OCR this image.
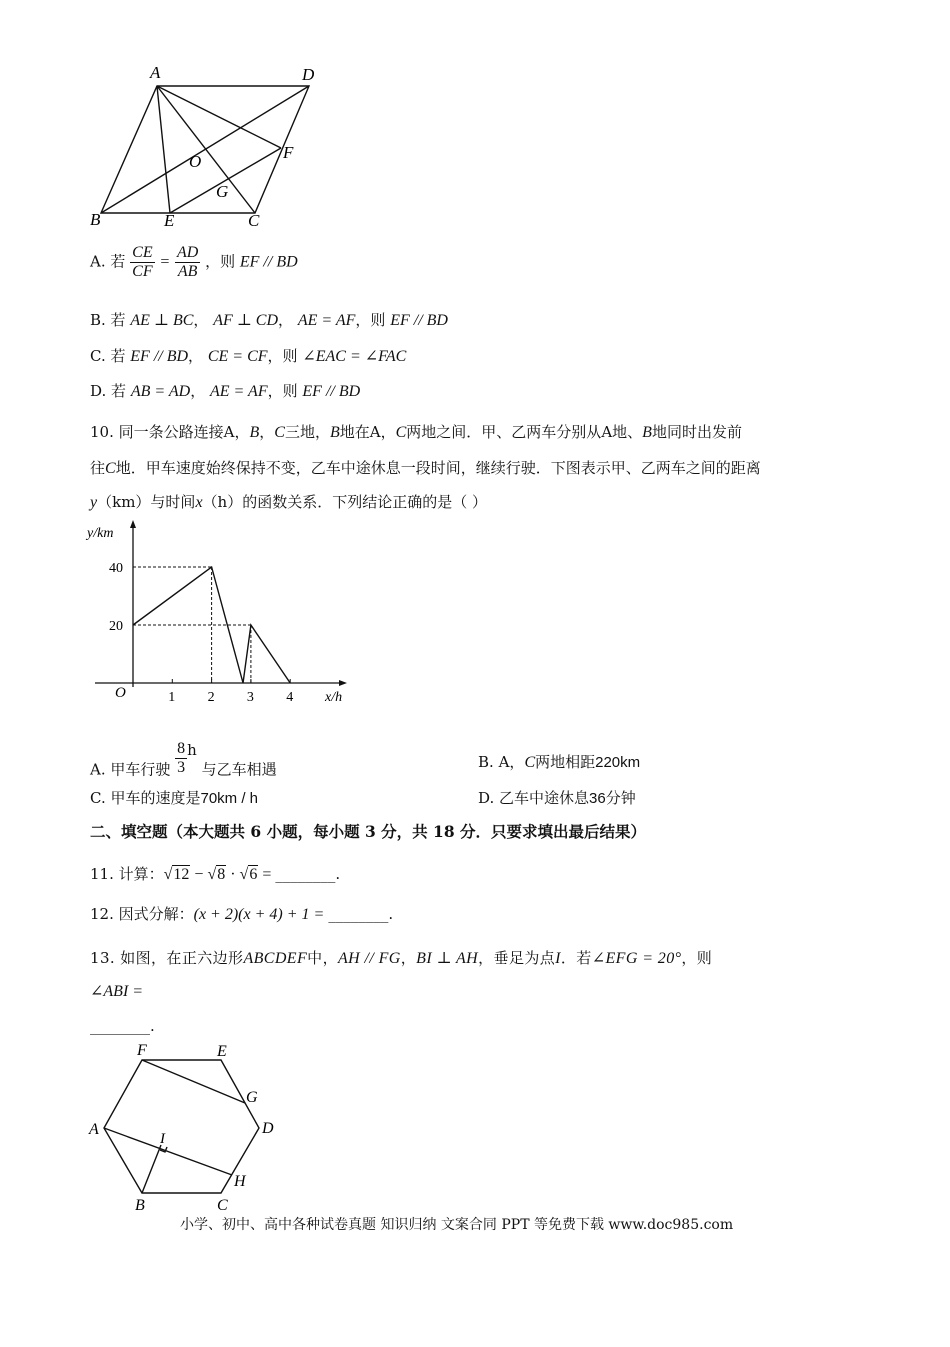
A	D
B	E	C
F
O
G
A. 若 $\frac{CE}{CF} = \frac{AD}{AB}$ ，则 EF // BD
B. 若 AE ⊥ BC， AF ⊥ CD， AE = AF，则 EF // BD
C. 若 EF // BD， CE = CF，则 ∠EAC = ∠FAC
D. 若 AB = AD， AE = AF，则 EF // BD
10. 同一条公路连接A，B，C三地，B地在A，C两地之间．甲、乙两车分别从A地、B地同时出发前
往C地．甲车速度始终保持不变，乙车中途休息一段时间，继续行驶．下图表示甲、乙两车之间的距离
y（km）与时间x（h）的函数关系．下列结论正确的是（ ）
1 2 3 4
20
40
y/km
x/h
O
A. 甲车行驶 $\frac{8}{3}$ h 与乙车相遇	B. A，C两地相距220km
C. 甲车的速度是70km / h	D. 乙车中途休息36分钟
二、填空题（本大题共 6 小题，每小题 3 分，共 18 分．只要求填出最后结果）
11. 计算：√12 − √8 · √6 = ________.
12. 因式分解：(x + 2)(x + 4) + 1 = ________.
13. 如图，在正六边形ABCDEF中，AH // FG，BI ⊥ AH，垂足为点I．若∠EFG = 20°，则
∠ABI =
________.
F	E
G
A	D
I
H
B	C
小学、初中、高中各种试卷真题 知识归纳 文案合同 PPT 等免费下载 www.doc985.com
